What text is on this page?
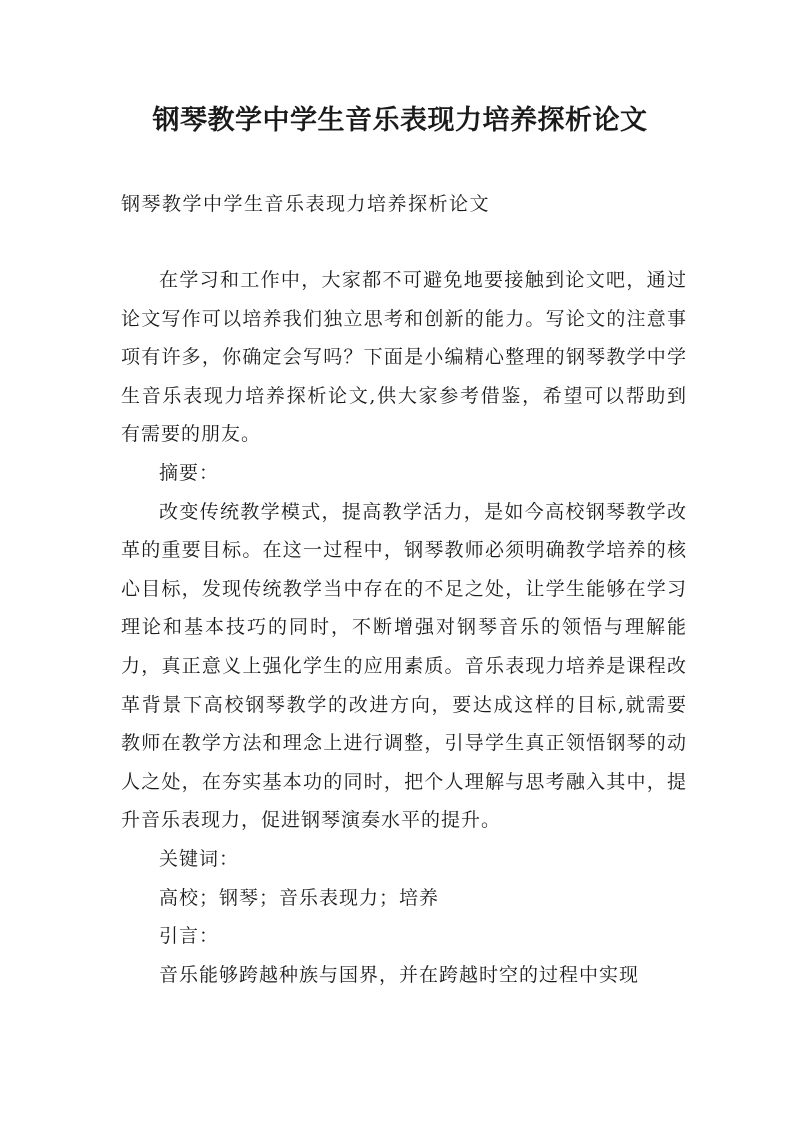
钢琴教学中学生音乐表现力培养探析论文

钢琴教学中学生音乐表现力培养探析论文

在学习和工作中，大家都不可避免地要接触到论文吧，通过论文写作可以培养我们独立思考和创新的能力。写论文的注意事项有许多，你确定会写吗？下面是小编精心整理的钢琴教学中学生音乐表现力培养探析论文,供大家参考借鉴，希望可以帮助到有需要的朋友。

摘要：

改变传统教学模式，提高教学活力，是如今高校钢琴教学改革的重要目标。在这一过程中，钢琴教师必须明确教学培养的核心目标，发现传统教学当中存在的不足之处，让学生能够在学习理论和基本技巧的同时，不断增强对钢琴音乐的领悟与理解能力，真正意义上强化学生的应用素质。音乐表现力培养是课程改革背景下高校钢琴教学的改进方向，要达成这样的目标,就需要教师在教学方法和理念上进行调整，引导学生真正领悟钢琴的动人之处，在夯实基本功的同时，把个人理解与思考融入其中，提升音乐表现力，促进钢琴演奏水平的提升。

关键词：

高校；钢琴；音乐表现力；培养

引言：

音乐能够跨越种族与国界，并在跨越时空的过程中实现
